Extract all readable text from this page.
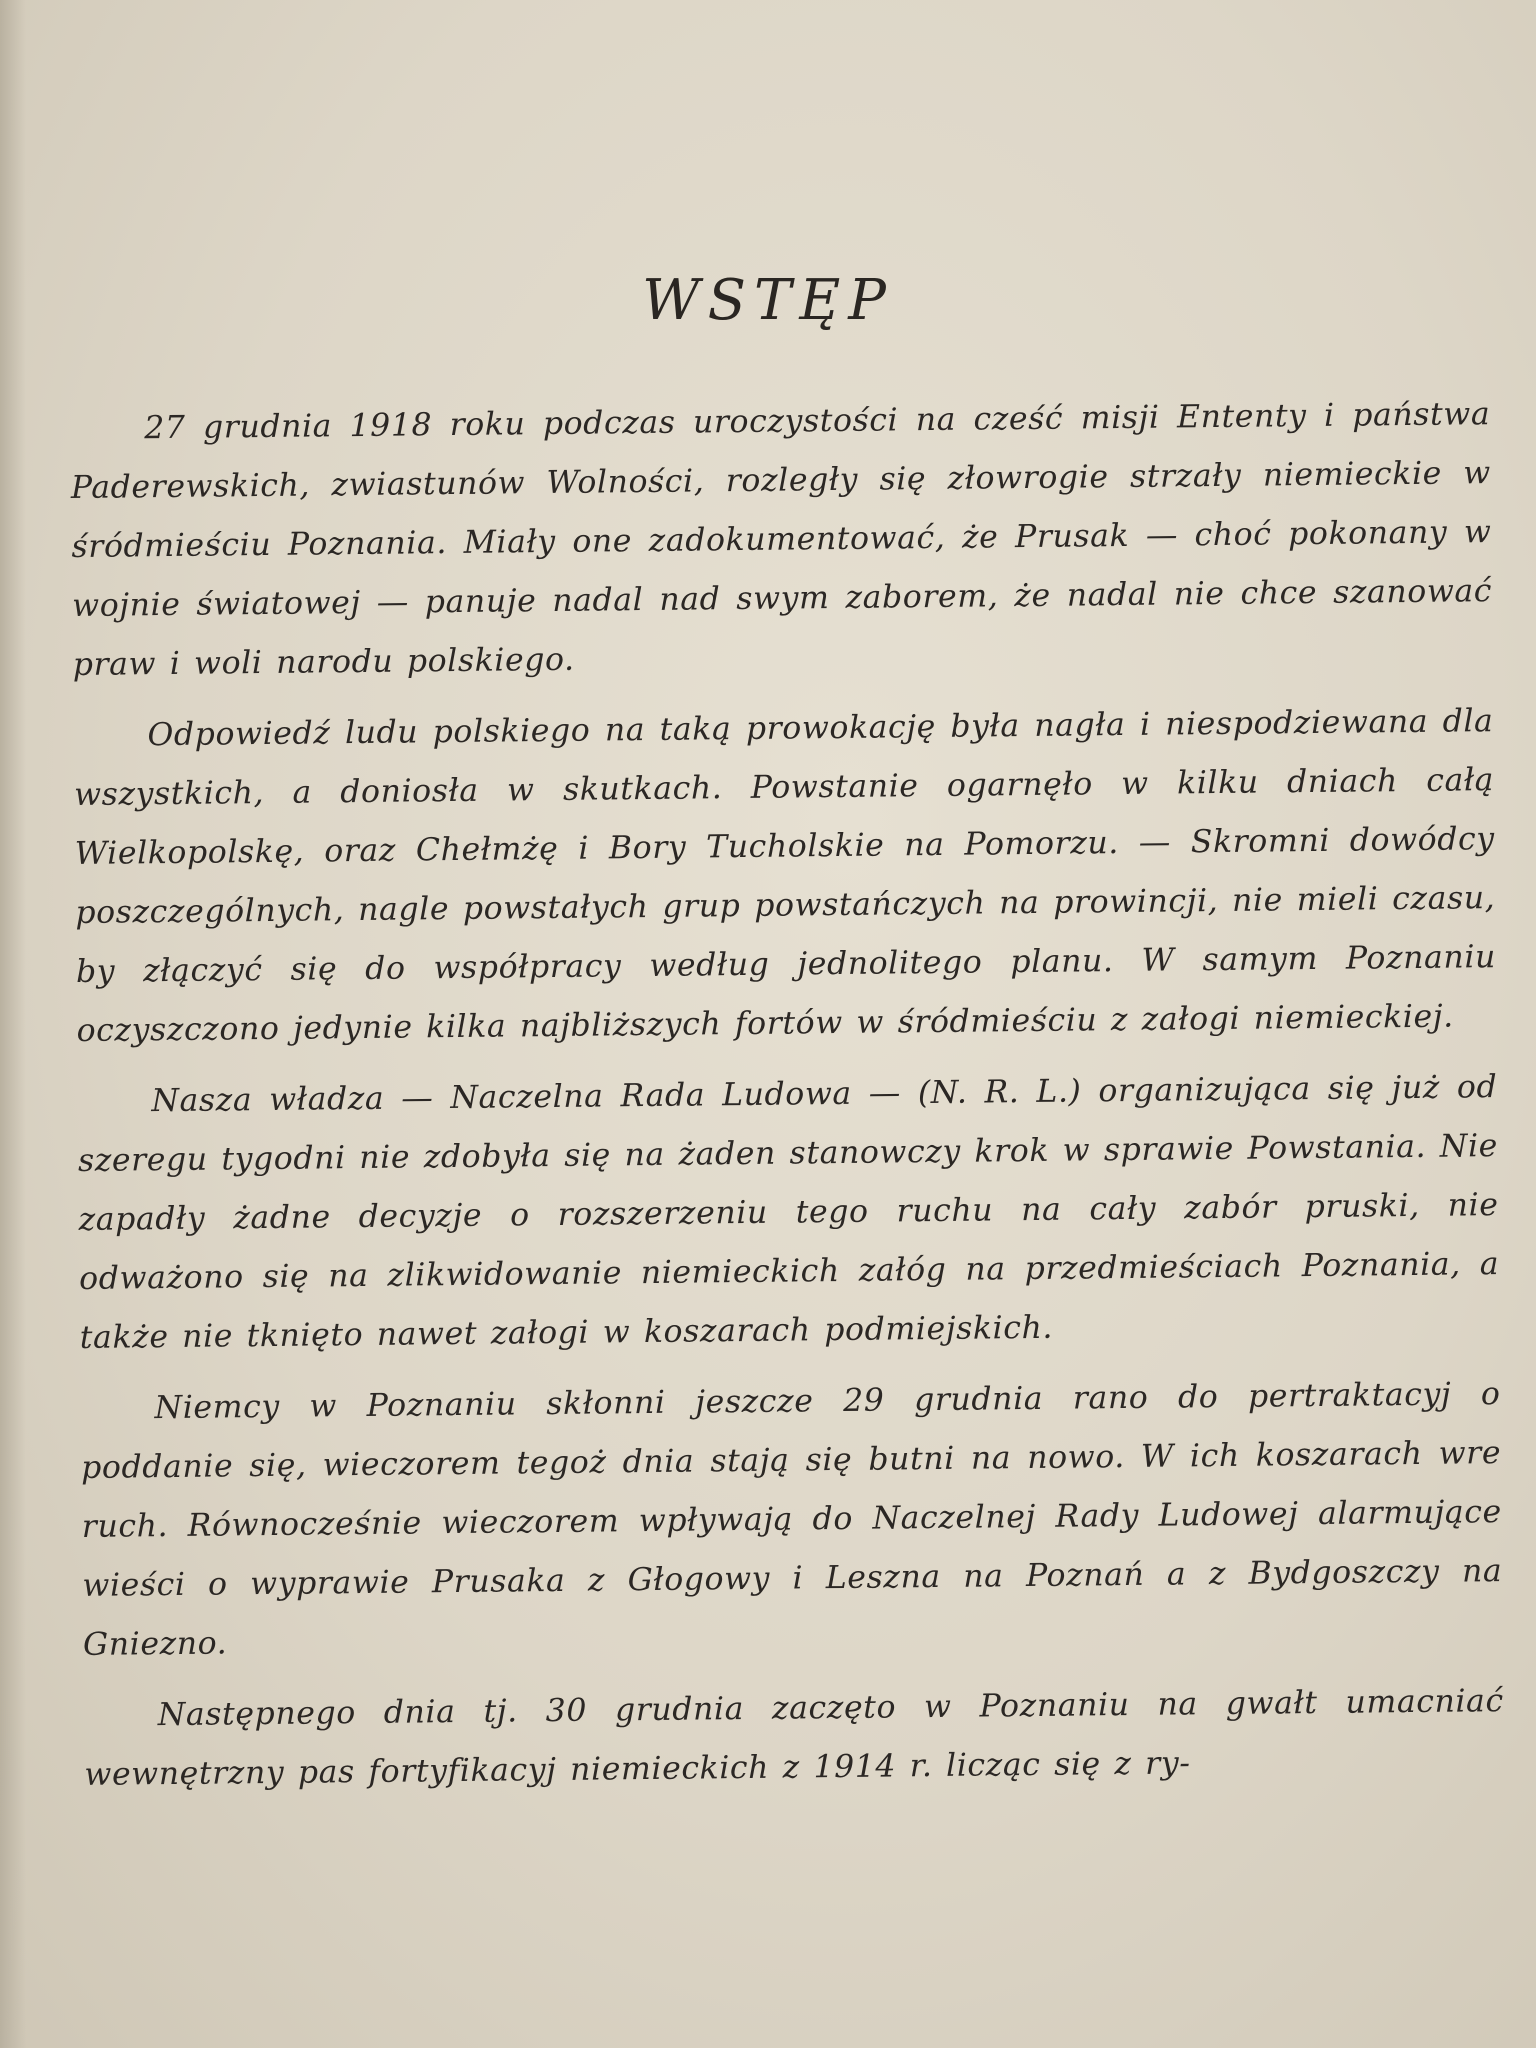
WSTĘP

27 grudnia 1918 roku podczas uroczystości na cześć misji Ententy i państwa Paderewskich, zwiastunów Wolności, rozległy się złowrogie strzały niemieckie w śródmieściu Poznania. Miały one zadokumentować, że Prusak — choć pokonany w wojnie światowej — panuje nadal nad swym zaborem, że nadal nie chce szanować praw i woli narodu polskiego.

Odpowiedź ludu polskiego na taką prowokację była nagła i niespodziewana dla wszystkich, a doniosła w skutkach. Powstanie ogarnęło w kilku dniach całą Wielkopolskę, oraz Chełmżę i Bory Tucholskie na Pomorzu. — Skromni dowódcy poszczególnych, nagle powstałych grup powstańczych na prowincji, nie mieli czasu, by złączyć się do współpracy według jednolitego planu. W samym Poznaniu oczyszczono jedynie kilka najbliższych fortów w śródmieściu z załogi niemieckiej.

Nasza władza — Naczelna Rada Ludowa — (N. R. L.) organizująca się już od szeregu tygodni nie zdobyła się na żaden stanowczy krok w sprawie Powstania. Nie zapadły żadne decyzje o rozszerzeniu tego ruchu na cały zabór pruski, nie odważono się na zlikwidowanie niemieckich załóg na przedmieściach Poznania, a także nie tknięto nawet załogi w koszarach podmiejskich.

Niemcy w Poznaniu skłonni jeszcze 29 grudnia rano do pertraktacyj o poddanie się, wieczorem tegoż dnia stają się butni na nowo. W ich koszarach wre ruch. Równocześnie wieczorem wpływają do Naczelnej Rady Ludowej alarmujące wieści o wyprawie Prusaka z Głogowy i Leszna na Poznań a z Bydgoszczy na Gniezno.

Następnego dnia tj. 30 grudnia zaczęto w Poznaniu na gwałt umacniać wewnętrzny pas fortyfikacyj niemieckich z 1914 r. licząc się z ry-
